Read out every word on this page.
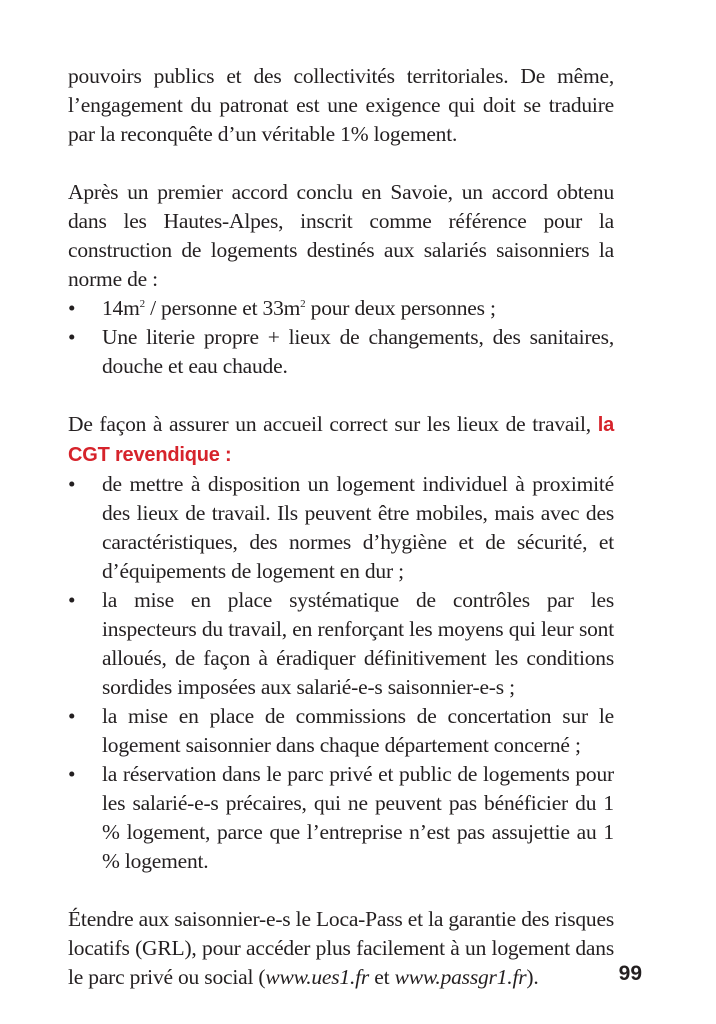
pouvoirs publics et des collectivités territoriales. De même, l’engagement du patronat est une exigence qui doit se traduire par la reconquête d’un véritable 1% logement.

Après un premier accord conclu en Savoie, un accord obtenu dans les Hautes-Alpes, inscrit comme référence pour la construction de logements destinés aux salariés saisonniers la norme de :

• $14m^2$ / personne et $33m^2$ pour deux personnes ;
• Une literie propre + lieux de changements, des sanitaires, douche et eau chaude.

De façon à assurer un accueil correct sur les lieux de travail, la CGT revendique :

• de mettre à disposition un logement individuel à proximité des lieux de travail. Ils peuvent être mobiles, mais avec des caractéristiques, des normes d’hygiène et de sécurité, et d’équipements de logement en dur ;
• la mise en place systématique de contrôles par les inspecteurs du travail, en renforçant les moyens qui leur sont alloués, de façon à éradiquer définitivement les conditions sordides imposées aux salarié-e-s saisonnier-e-s ;
• la mise en place de commissions de concertation sur le logement saisonnier dans chaque département concerné ;
• la réservation dans le parc privé et public de logements pour les salarié-e-s précaires, qui ne peuvent pas bénéficier du 1 % logement, parce que l’entreprise n’est pas assujettie au 1 % logement.

Étendre aux saisonnier-e-s le Loca-Pass et la garantie des risques locatifs (GRL), pour accéder plus facilement à un logement dans le parc privé ou social (www.ues1.fr et www.passgr1.fr).	99
